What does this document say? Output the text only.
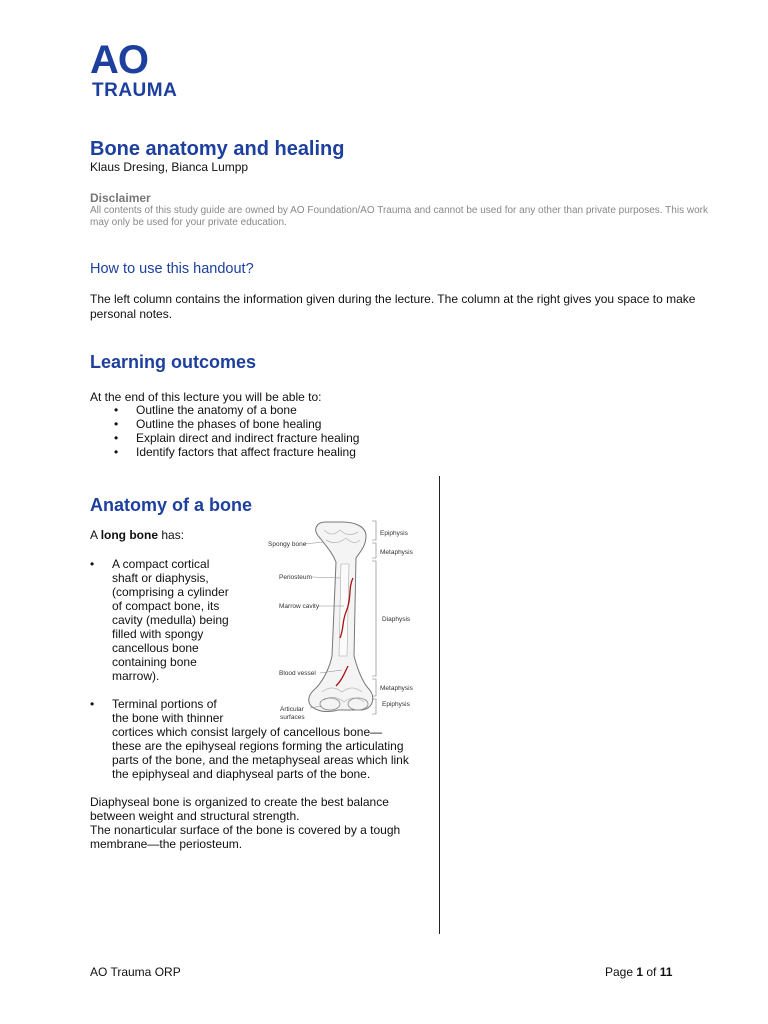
AO
TRAUMA
Bone anatomy and healing
Klaus Dresing, Bianca Lumpp
Disclaimer
All contents of this study guide are owned by AO Foundation/AO Trauma and cannot be used for any other than private purposes. This work may only be used for your private education.
How to use this handout?
The left column contains the information given during the lecture. The column at the right gives you space to make personal notes.
Learning outcomes
At the end of this lecture you will be able to:
• Outline the anatomy of a bone
• Outline the phases of bone healing
• Explain direct and indirect fracture healing
• Identify factors that affect fracture healing
Anatomy of a bone
A long bone has:
• A compact cortical
shaft or diaphysis,
(comprising a cylinder
of compact bone, its
cavity (medulla) being
filled with spongy
cancellous bone
containing bone
marrow).
• Terminal portions of
the bone with thinner
cortices which consist largely of cancellous bone—
these are the epihyseal regions forming the articulating
parts of the bone, and the metaphyseal areas which link
the epiphyseal and diaphyseal parts of the bone.
Diaphyseal bone is organized to create the best balance
between weight and structural strength.
The nonarticular surface of the bone is covered by a tough
membrane—the periosteum.
Spongy bone
Periosteum
Marrow cavity
Blood vessel
Articular
surfaces
Epiphysis
Metaphysis
Diaphysis
Metaphysis
Epiphysis
AO Trauma ORP	Page 1 of 11
